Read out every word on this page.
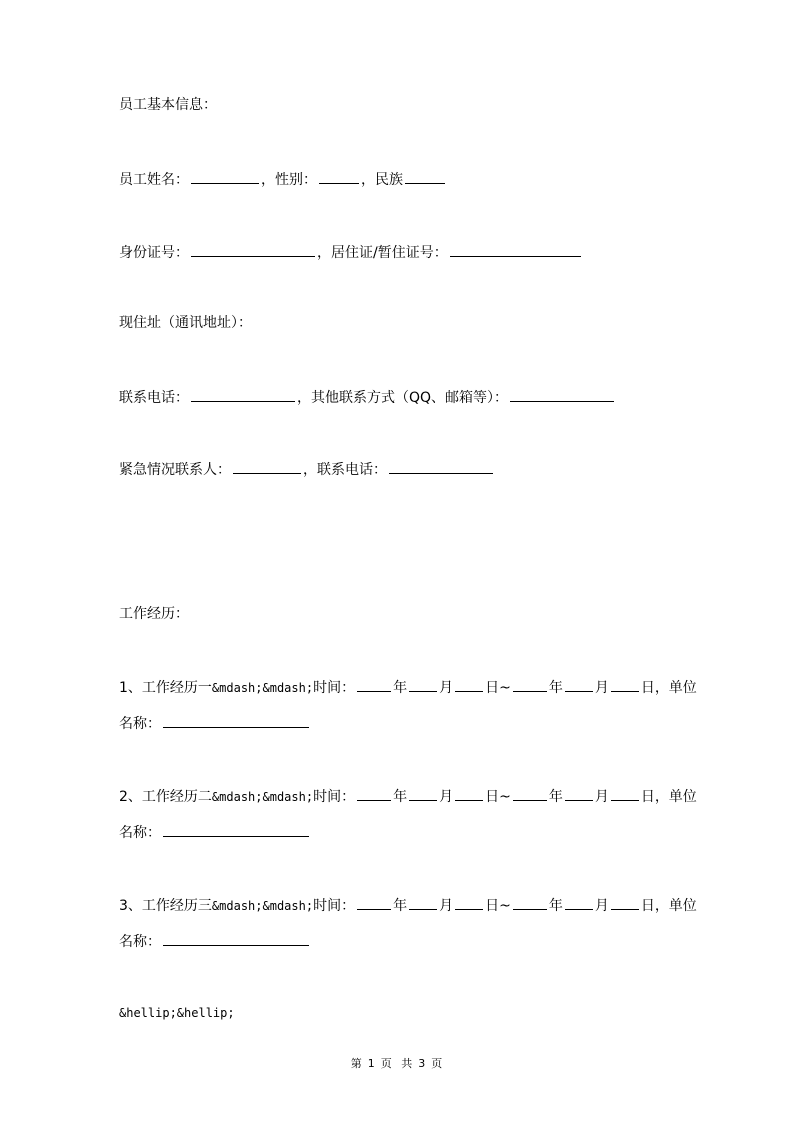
员工基本信息：
员工姓名：	，性别：	，民族
身份证号：	，居住证/暂住证号：
现住址（通讯地址）：
联系电话：	，其他联系方式（QQ、邮箱等）：
紧急情况联系人：	，联系电话：
工作经历：
1、工作经历一&mdash;&mdash;时间：	年 月 日~	年 月 日，单位
名称：
2、工作经历二&mdash;&mdash;时间：	年 月 日~	年 月 日，单位
名称：
3、工作经历三&mdash;&mdash;时间：	年 月 日~	年 月 日，单位
名称：
&hellip;&hellip;
第 1 页 共 3 页
